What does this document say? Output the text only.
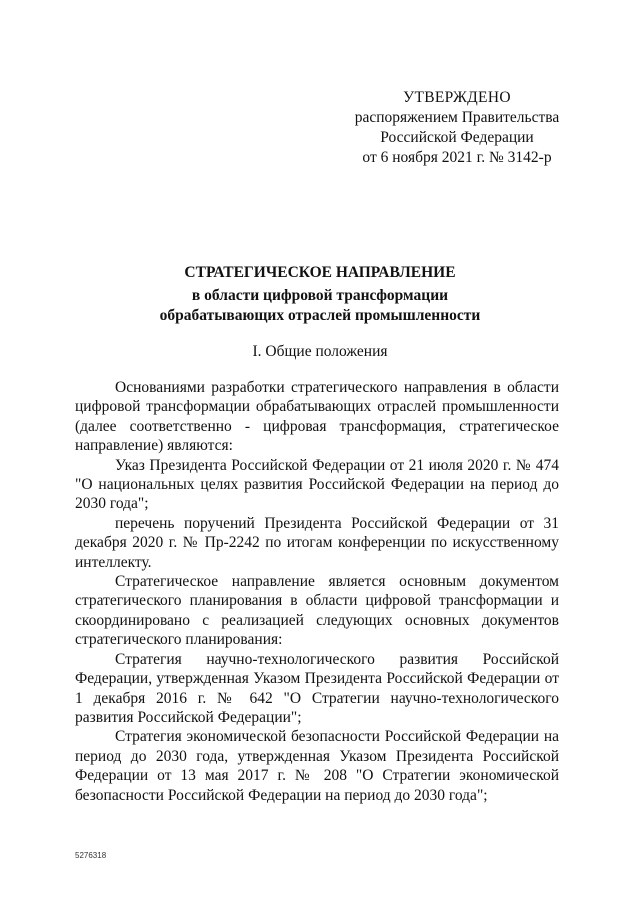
УТВЕРЖДЕНО
распоряжением Правительства
Российской Федерации
от 6 ноября 2021 г. № 3142-р
СТРАТЕГИЧЕСКОЕ НАПРАВЛЕНИЕ
в области цифровой трансформации
обрабатывающих отраслей промышленности
I. Общие положения

Основаниями разработки стратегического направления в области цифровой трансформации обрабатывающих отраслей промышленности (далее соответственно - цифровая трансформация, стратегическое направление) являются:

Указ Президента Российской Федерации от 21 июля 2020 г. № 474 "О национальных целях развития Российской Федерации на период до 2030 года";

перечень поручений Президента Российской Федерации от 31 декабря 2020 г. № Пр-2242 по итогам конференции по искусственному интеллекту.

Стратегическое направление является основным документом стратегического планирования в области цифровой трансформации и скоординировано с реализацией следующих основных документов стратегического планирования:

Стратегия научно-технологического развития Российской Федерации, утвержденная Указом Президента Российской Федерации от 1 декабря 2016 г. № 642 "О Стратегии научно-технологического развития Российской Федерации";

Стратегия экономической безопасности Российской Федерации на период до 2030 года, утвержденная Указом Президента Российской Федерации от 13 мая 2017 г. № 208 "О Стратегии экономической безопасности Российской Федерации на период до 2030 года";

5276318
